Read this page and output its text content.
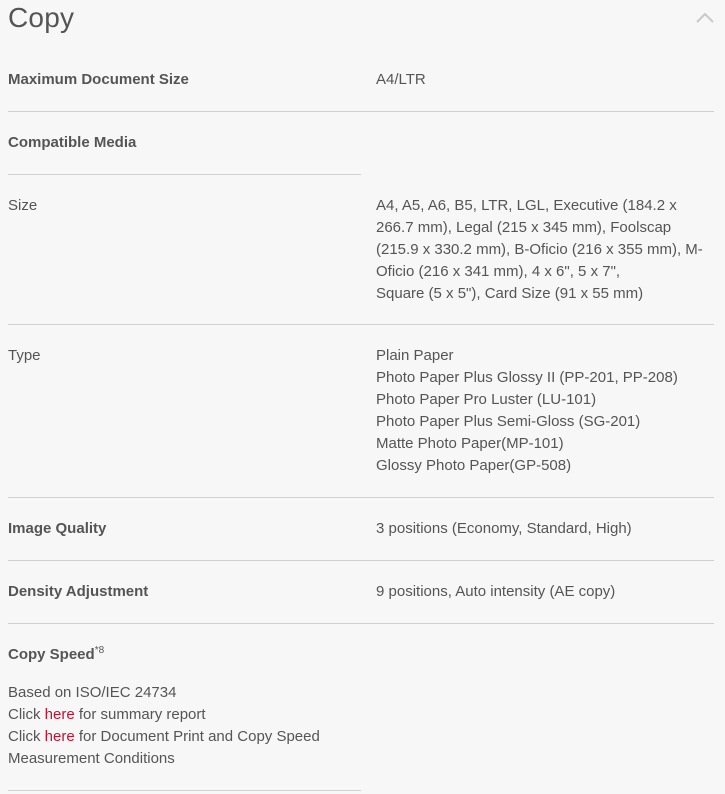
Copy
Maximum Document Size	A4/LTR
Compatible Media
Size	A4, A5, A6, B5, LTR, LGL, Executive (184.2 x
266.7 mm), Legal (215 x 345 mm), Foolscap
(215.9 x 330.2 mm), B-Oficio (216 x 355 mm), M-
Oficio (216 x 341 mm), 4 x 6", 5 x 7",
Square (5 x 5"), Card Size (91 x 55 mm)
Type	Plain Paper
Photo Paper Plus Glossy II (PP-201, PP-208)
Photo Paper Pro Luster (LU-101)
Photo Paper Plus Semi-Gloss (SG-201)
Matte Photo Paper(MP-101)
Glossy Photo Paper(GP-508)
Image Quality	3 positions (Economy, Standard, High)
Density Adjustment	9 positions, Auto intensity (AE copy)
Copy Speed$^{*8}$
Based on ISO/IEC 24734
Click here for summary report
Click here for Document Print and Copy Speed
Measurement Conditions
